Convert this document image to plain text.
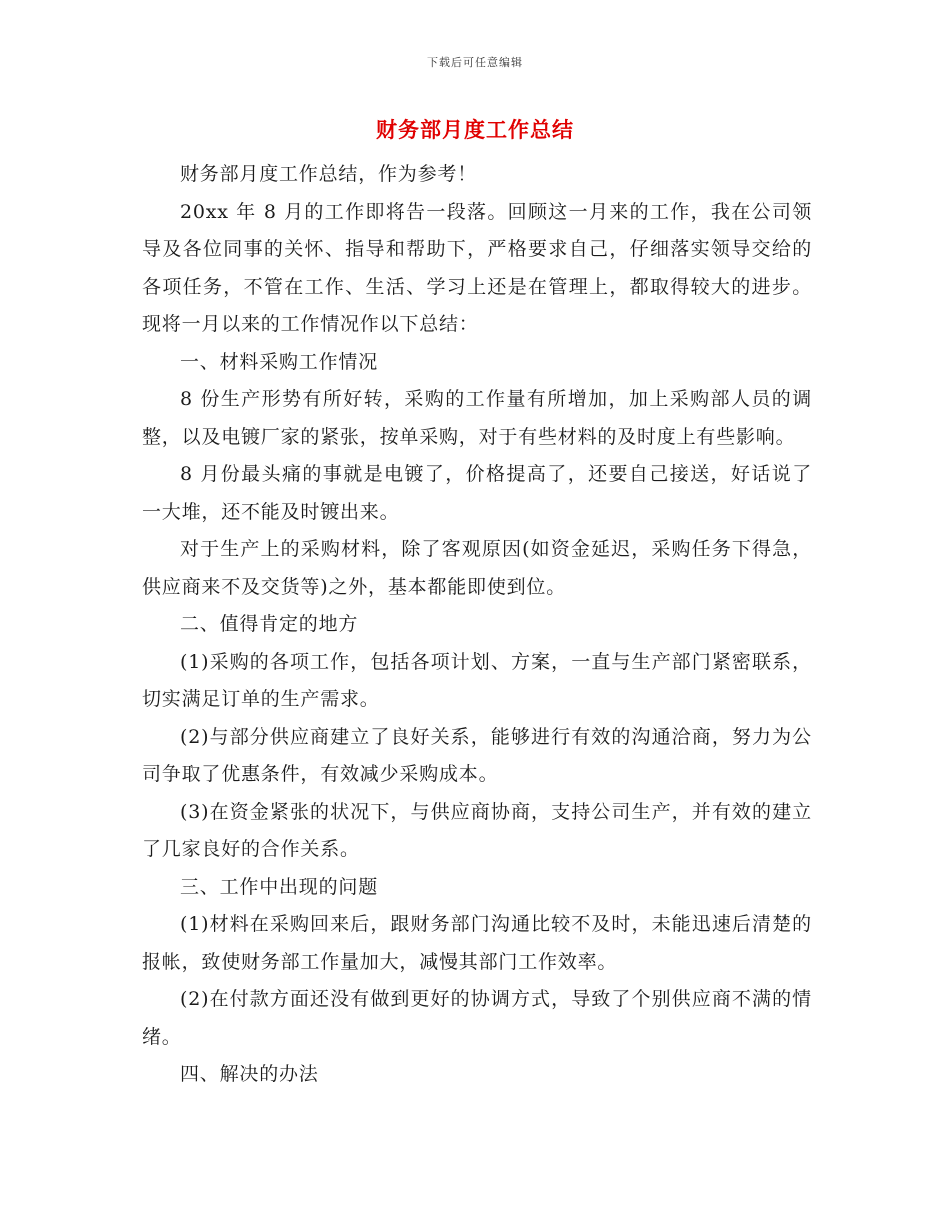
下载后可任意编辑
财务部月度工作总结

财务部月度工作总结，作为参考！

20xx 年 8 月的工作即将告一段落。回顾这一月来的工作，我在公司领导及各位同事的关怀、指导和帮助下，严格要求自己，仔细落实领导交给的各项任务，不管在工作、生活、学习上还是在管理上，都取得较大的进步。现将一月以来的工作情况作以下总结：

一、材料采购工作情况

8 份生产形势有所好转，采购的工作量有所增加，加上采购部人员的调整，以及电镀厂家的紧张，按单采购，对于有些材料的及时度上有些影响。

8 月份最头痛的事就是电镀了，价格提高了，还要自己接送，好话说了一大堆，还不能及时镀出来。

对于生产上的采购材料，除了客观原因(如资金延迟，采购任务下得急，供应商来不及交货等)之外，基本都能即使到位。

二、值得肯定的地方

(1)采购的各项工作，包括各项计划、方案，一直与生产部门紧密联系，切实满足订单的生产需求。

(2)与部分供应商建立了良好关系，能够进行有效的沟通洽商，努力为公司争取了优惠条件，有效减少采购成本。

(3)在资金紧张的状况下，与供应商协商，支持公司生产，并有效的建立了几家良好的合作关系。

三、工作中出现的问题

(1)材料在采购回来后，跟财务部门沟通比较不及时，未能迅速后清楚的报帐，致使财务部工作量加大，减慢其部门工作效率。

(2)在付款方面还没有做到更好的协调方式，导致了个别供应商不满的情绪。

四、解决的办法
